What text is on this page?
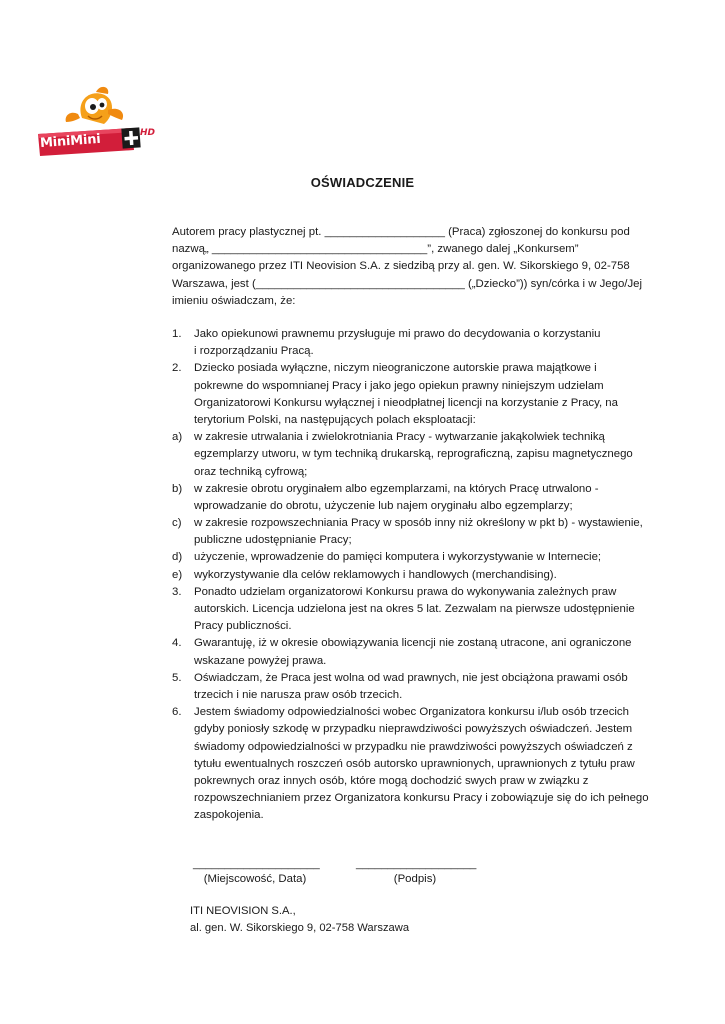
MiniMini	HD
OŚWIADCZENIE
Autorem pracy plastycznej pt. ___________________ (Praca) zgłoszonej do konkursu pod
nazwą„ __________________________________”, zwanego dalej „Konkursem”
organizowanego przez ITI Neovision S.A. z siedzibą przy al. gen. W. Sikorskiego 9, 02-758
Warszawa, jest (_________________________________ („Dziecko”)) syn/córka i w Jego/Jej
imieniu oświadczam, że:
1. Jako opiekunowi prawnemu przysługuje mi prawo do decydowania o korzystaniu
i rozporządzaniu Pracą.
2. Dziecko posiada wyłączne, niczym nieograniczone autorskie prawa majątkowe i
pokrewne do wspomnianej Pracy i jako jego opiekun prawny niniejszym udzielam
Organizatorowi Konkursu wyłącznej i nieodpłatnej licencji na korzystanie z Pracy, na
terytorium Polski, na następujących polach eksploatacji:
a) w zakresie utrwalania i zwielokrotniania Pracy - wytwarzanie jakąkolwiek techniką
egzemplarzy utworu, w tym techniką drukarską, reprograficzną, zapisu magnetycznego
oraz techniką cyfrową;
b) w zakresie obrotu oryginałem albo egzemplarzami, na których Pracę utrwalono -
wprowadzanie do obrotu, użyczenie lub najem oryginału albo egzemplarzy;
c) w zakresie rozpowszechniania Pracy w sposób inny niż określony w pkt b) - wystawienie,
publiczne udostępnianie Pracy;
d) użyczenie, wprowadzenie do pamięci komputera i wykorzystywanie w Internecie;
e) wykorzystywanie dla celów reklamowych i handlowych (merchandising).
3. Ponadto udzielam organizatorowi Konkursu prawa do wykonywania zależnych praw
autorskich. Licencja udzielona jest na okres 5 lat. Zezwalam na pierwsze udostępnienie
Pracy publiczności.
4. Gwarantuję, iż w okresie obowiązywania licencji nie zostaną utracone, ani ograniczone
wskazane powyżej prawa.
5. Oświadczam, że Praca jest wolna od wad prawnych, nie jest obciążona prawami osób
trzecich i nie narusza praw osób trzecich.
6. Jestem świadomy odpowiedzialności wobec Organizatora konkursu i/lub osób trzecich
gdyby poniosły szkodę w przypadku nieprawdziwości powyższych oświadczeń. Jestem
świadomy odpowiedzialności w przypadku nie prawdziwości powyższych oświadczeń z
tytułu ewentualnych roszczeń osób autorsko uprawnionych, uprawnionych z tytułu praw
pokrewnych oraz innych osób, które mogą dochodzić swych praw w związku z
rozpowszechnianiem przez Organizatora konkursu Pracy i zobowiązuje się do ich pełnego
zaspokojenia.
____________________
(Miejscowość, Data)
___________________
(Podpis)
ITI NEOVISION S.A.,
al. gen. W. Sikorskiego 9, 02-758 Warszawa
